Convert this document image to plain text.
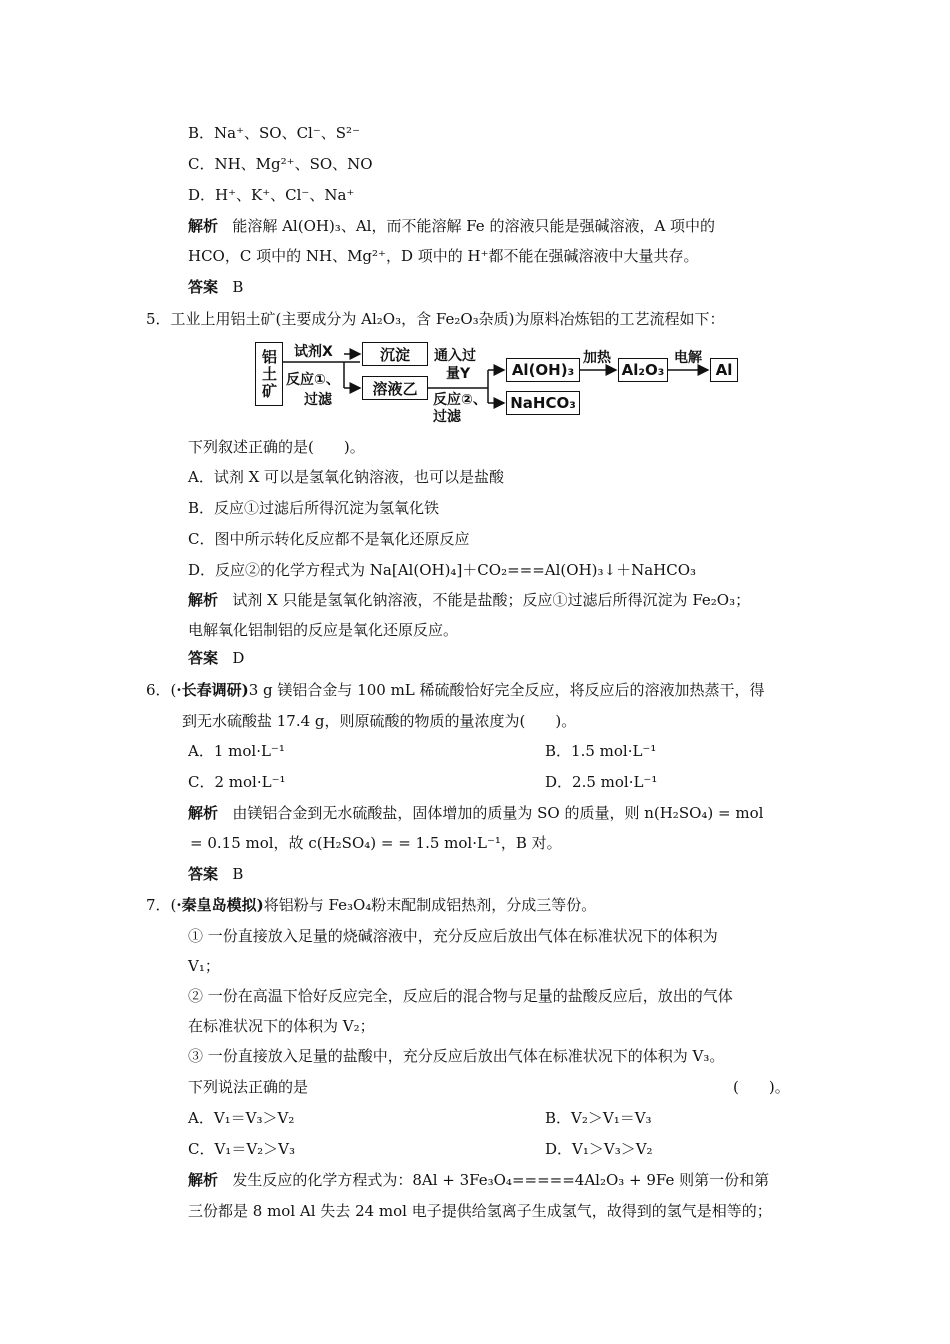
B．Na⁺、SO、Cl⁻、S²⁻
C．NH、Mg²⁺、SO、NO
D．H⁺、K⁺、Cl⁻、Na⁺
解析 能溶解 Al(OH)₃、Al，而不能溶解 Fe 的溶液只能是强碱溶液，A 项中的
HCO，C 项中的 NH、Mg²⁺，D 项中的 H⁺都不能在强碱溶液中大量共存。
答案 B
5．工业上用铝土矿(主要成分为 Al₂O₃，含 Fe₂O₃杂质)为原料冶炼铝的工艺流程如下：
铝土矿 试剂X
反应①、
过滤
沉淀
溶液乙
通入过
量Y
反应②、
过滤
Al(OH)₃
NaHCO₃
加热
Al₂O₃
电解
Al
下列叙述正确的是(　　)。
A．试剂 X 可以是氢氧化钠溶液，也可以是盐酸
B．反应①过滤后所得沉淀为氢氧化铁
C．图中所示转化反应都不是氧化还原反应
D．反应②的化学方程式为 Na[Al(OH)₄]＋CO₂===Al(OH)₃↓＋NaHCO₃
解析 试剂 X 只能是氢氧化钠溶液，不能是盐酸；反应①过滤后所得沉淀为 Fe₂O₃；
电解氧化铝制铝的反应是氧化还原反应。
答案 D
6．(·长春调研)3 g 镁铝合金与 100 mL 稀硫酸恰好完全反应，将反应后的溶液加热蒸干，得
到无水硫酸盐 17.4 g，则原硫酸的物质的量浓度为(　　)。
A．1 mol·L⁻¹	B．1.5 mol·L⁻¹
C．2 mol·L⁻¹	D．2.5 mol·L⁻¹
解析 由镁铝合金到无水硫酸盐，固体增加的质量为 SO 的质量，则 n(H₂SO₄) = mol
= 0.15 mol，故 c(H₂SO₄) = = 1.5 mol·L⁻¹，B 对。
答案 B
7．(·秦皇岛模拟)将铝粉与 Fe₃O₄粉末配制成铝热剂，分成三等份。
① 一份直接放入足量的烧碱溶液中，充分反应后放出气体在标准状况下的体积为
V₁；
② 一份在高温下恰好反应完全，反应后的混合物与足量的盐酸反应后，放出的气体
在标准状况下的体积为 V₂；
③ 一份直接放入足量的盐酸中，充分反应后放出气体在标准状况下的体积为 V₃。
下列说法正确的是	(　　)。
A．V₁＝V₃＞V₂	B．V₂＞V₁＝V₃
C．V₁＝V₂＞V₃	D．V₁＞V₃＞V₂
解析 发生反应的化学方程式为：8Al + 3Fe₃O₄=====4Al₂O₃ + 9Fe 则第一份和第
三份都是 8 mol Al 失去 24 mol 电子提供给氢离子生成氢气，故得到的氢气是相等的；
